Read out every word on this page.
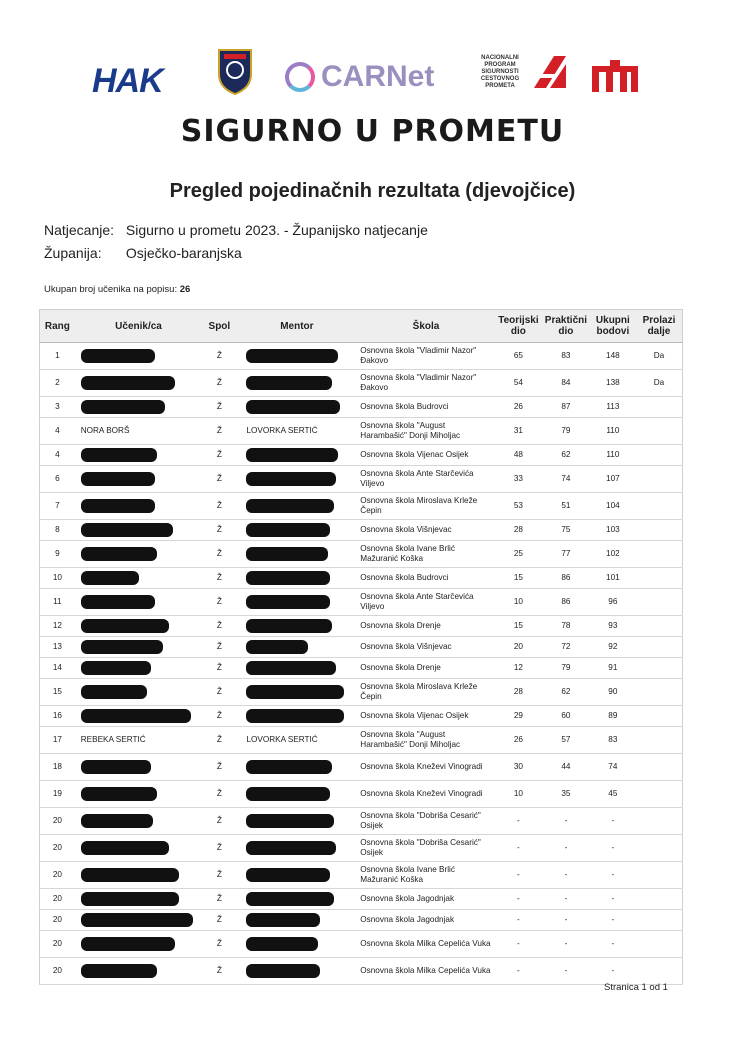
HAK	CARNet
NACIONALNI PROGRAM SIGURNOSTI CESTOVNOG PROMETA
SIGURNO U PROMETU
Pregled pojedinačnih rezultata (djevojčice)
Natjecanje: Sigurno u prometu 2023. - Županijsko natjecanje
Županija: Osječko-baranjska
Ukupan broj učenika na popisu: 26
Rang	Učenik/ca	Spol	Mentor	Škola	Teorijski dio	Praktični dio	Ukupni bodovi	Prolazi dalje
1		Ž		Osnovna škola "Vladimir Nazor" Đakovo	65	83	148	Da
2		Ž		Osnovna škola "Vladimir Nazor" Đakovo	54	84	138	Da
3		Ž		Osnovna škola Budrovci	26	87	113	
4	NORA BORŠ	Ž	LOVORKA SERTIĆ	Osnovna škola "August Harambašić" Donji Miholjac	31	79	110	
4		Ž		Osnovna škola Vijenac Osijek	48	62	110	
6		Ž		Osnovna škola Ante Starčevića Viljevo	33	74	107	
7		Ž		Osnovna škola Miroslava Krleže Čepin	53	51	104	
8		Ž		Osnovna škola Višnjevac	28	75	103	
9		Ž		Osnovna škola Ivane Brlić Mažuranić Koška	25	77	102	
10		Ž		Osnovna škola Budrovci	15	86	101	
11		Ž		Osnovna škola Ante Starčevića Viljevo	10	86	96	
12		Ž		Osnovna škola Drenje	15	78	93	
13		Ž		Osnovna škola Višnjevac	20	72	92	
14		Ž		Osnovna škola Drenje	12	79	91	
15		Ž		Osnovna škola Miroslava Krleže Čepin	28	62	90	
16		Ž		Osnovna škola Vijenac Osijek	29	60	89	
17	REBEKA SERTIĆ	Ž	LOVORKA SERTIĆ	Osnovna škola "August Harambašić" Donji Miholjac	26	57	83	
18		Ž		Osnovna škola Kneževi Vinogradi	30	44	74	
19		Ž		Osnovna škola Kneževi Vinogradi	10	35	45	
20		Ž		Osnovna škola "Dobriša Cesarić" Osijek	-	-	-	
20		Ž		Osnovna škola "Dobriša Cesarić" Osijek	-	-	-	
20		Ž		Osnovna škola Ivane Brlić Mažuranić Koška	-	-	-	
20		Ž		Osnovna škola Jagodnjak	-	-	-	
20		Ž		Osnovna škola Jagodnjak	-	-	-	
20		Ž		Osnovna škola Milka Cepelića Vuka	-	-	-	
20		Ž		Osnovna škola Milka Cepelića Vuka	-	-	-	
Stranica 1 od 1
